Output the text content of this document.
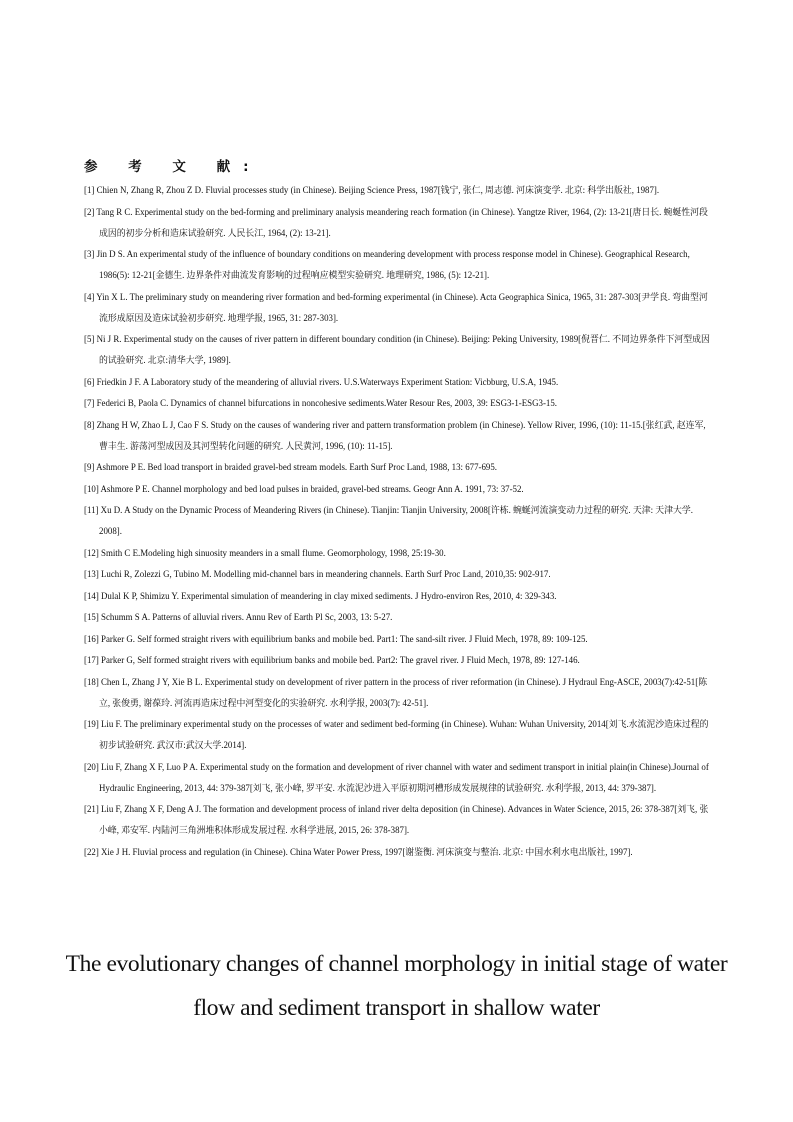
参 考 文 献:
[1] Chien N, Zhang R, Zhou Z D. Fluvial processes study (in Chinese). Beijing Science Press, 1987[钱宁, 张仁, 周志德. 河床演变学. 北京: 科学出版社, 1987].
[2] Tang R C. Experimental study on the bed-forming and preliminary analysis meandering reach formation (in Chinese). Yangtze River, 1964, (2): 13-21[唐日长. 蜿蜒性河段成因的初步分析和造床试验研究. 人民长江, 1964, (2): 13-21].
[3] Jin D S. An experimental study of the influence of boundary conditions on meandering development with process response model in Chinese). Geographical Research, 1986(5): 12-21[金德生. 边界条件对曲流发育影响的过程响应模型实验研究. 地理研究, 1986, (5): 12-21].
[4] Yin X L. The preliminary study on meandering river formation and bed-forming experimental (in Chinese). Acta Geographica Sinica, 1965, 31: 287-303[尹学良. 弯曲型河流形成原因及造床试验初步研究. 地理学报, 1965, 31: 287-303].
[5] Ni J R. Experimental study on the causes of river pattern in different boundary condition (in Chinese). Beijing: Peking University, 1989[倪晋仁. 不同边界条件下河型成因的试验研究. 北京:清华大学, 1989].
[6] Friedkin J F. A Laboratory study of the meandering of alluvial rivers. U.S.Waterways Experiment Station: Vicbburg, U.S.A, 1945.
[7] Federici B, Paola C. Dynamics of channel bifurcations in noncohesive sediments.Water Resour Res, 2003, 39: ESG3-1-ESG3-15.
[8] Zhang H W, Zhao L J, Cao F S. Study on the causes of wandering river and pattern transformation problem (in Chinese). Yellow River, 1996, (10): 11-15.[张红武, 赵连军, 曹丰生. 游荡河型成因及其河型转化问题的研究. 人民黄河, 1996, (10): 11-15].
[9] Ashmore P E. Bed load transport in braided gravel-bed stream models. Earth Surf Proc Land, 1988, 13: 677-695.
[10] Ashmore P E. Channel morphology and bed load pulses in braided, gravel-bed streams. Geogr Ann A. 1991, 73: 37-52.
[11] Xu D. A Study on the Dynamic Process of Meandering Rivers (in Chinese). Tianjin: Tianjin University, 2008[许栋. 蜿蜒河流演变动力过程的研究. 天津: 天津大学. 2008].
[12] Smith C E.Modeling high sinuosity meanders in a small flume. Geomorphology, 1998, 25:19-30.
[13] Luchi R, Zolezzi G, Tubino M. Modelling mid-channel bars in meandering channels. Earth Surf Proc Land, 2010,35: 902-917.
[14] Dulal K P, Shimizu Y. Experimental simulation of meandering in clay mixed sediments. J Hydro-environ Res, 2010, 4: 329-343.
[15] Schumm S A. Patterns of alluvial rivers. Annu Rev of Earth Pl Sc, 2003, 13: 5-27.
[16] Parker G. Self formed straight rivers with equilibrium banks and mobile bed. Part1: The sand-silt river. J Fluid Mech, 1978, 89: 109-125.
[17] Parker G, Self formed straight rivers with equilibrium banks and mobile bed. Part2: The gravel river. J Fluid Mech, 1978, 89: 127-146.
[18] Chen L, Zhang J Y, Xie B L. Experimental study on development of river pattern in the process of river reformation (in Chinese). J Hydraul Eng-ASCE, 2003(7):42-51[陈立, 张俊勇, 谢葆玲. 河流再造床过程中河型变化的实验研究. 水利学报, 2003(7): 42-51].
[19] Liu F. The preliminary experimental study on the processes of water and sediment bed-forming (in Chinese). Wuhan: Wuhan University, 2014[刘飞.水流泥沙造床过程的初步试验研究. 武汉市:武汉大学.2014].
[20] Liu F, Zhang X F, Luo P A. Experimental study on the formation and development of river channel with water and sediment transport in initial plain(in Chinese).Journal of Hydraulic Engineering, 2013, 44: 379-387[刘飞, 张小峰, 罗平安. 水流泥沙进入平原初期河槽形成发展规律的试验研究. 水利学报, 2013, 44: 379-387].
[21] Liu F, Zhang X F, Deng A J. The formation and development process of inland river delta deposition (in Chinese). Advances in Water Science, 2015, 26: 378-387[刘飞, 张小峰, 邓安军. 内陆河三角洲堆积体形成发展过程. 水科学进展, 2015, 26: 378-387].
[22] Xie J H. Fluvial process and regulation (in Chinese). China Water Power Press, 1997[谢鉴衡. 河床演变与整治. 北京: 中国水利水电出版社, 1997].
The evolutionary changes of channel morphology in initial stage of water
flow and sediment transport in shallow water
